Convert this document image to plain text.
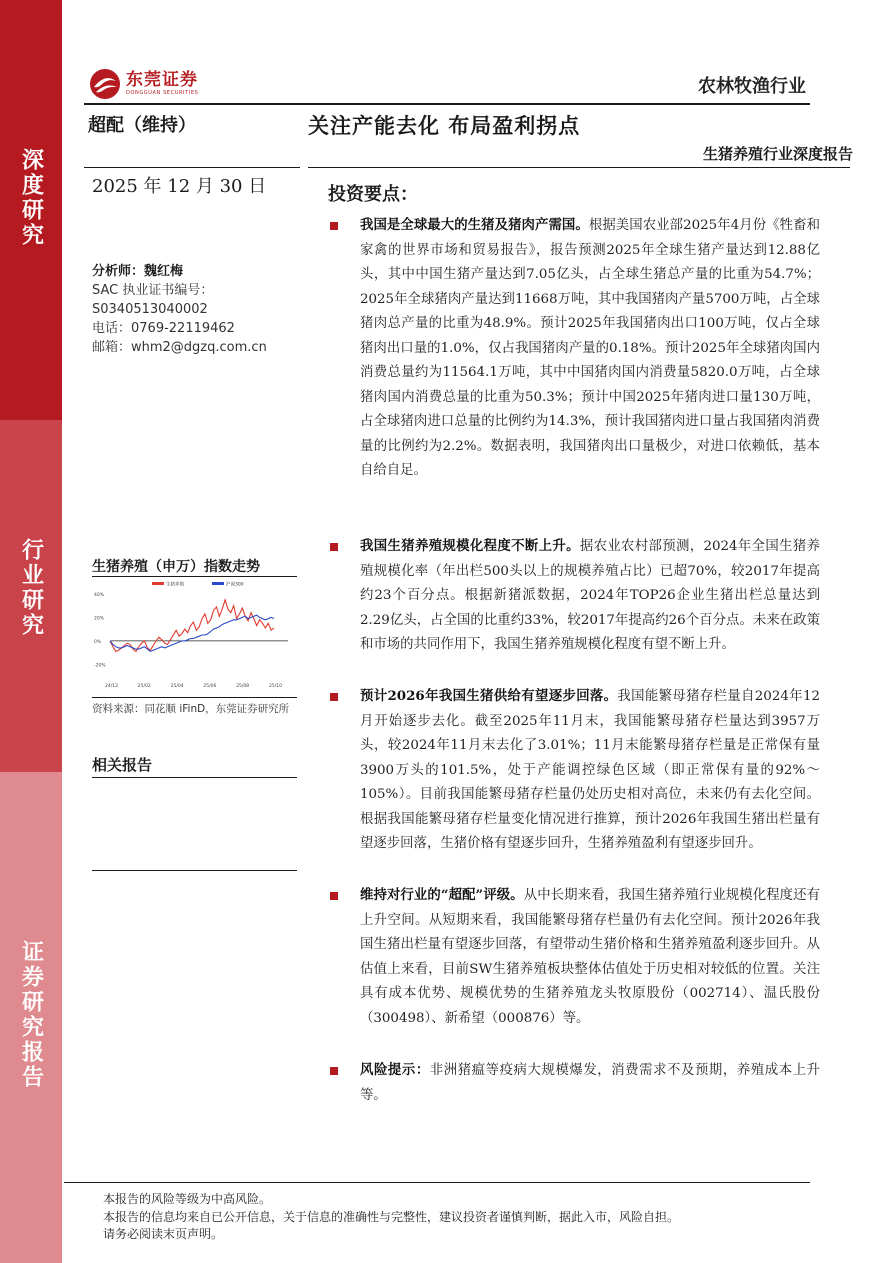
深度研究
行业研究
证券研究报告
东莞证券
DONGGUAN SECURITIES	农林牧渔行业
超配（维持）	关注产能去化 布局盈利拐点
生猪养殖行业深度报告
2025 年 12 月 30 日
分析师：魏红梅
SAC 执业证书编号：
S0340513040002
电话：0769-22119462
邮箱：whm2@dgzq.com.cn
生猪养殖（申万）指数走势
40%
20%
0%
-20%
24/12	25/02	25/04	25/06	25/08	25/10
生猪养殖	沪深300
资料来源：同花顺 iFinD，东莞证券研究所
相关报告
投资要点：

我国是全球最大的生猪及猪肉产需国。根据美国农业部2025年4月份《牲畜和家禽的世界市场和贸易报告》，报告预测2025年全球生猪产量达到12.88亿头，其中中国生猪产量达到7.05亿头，占全球生猪总产量的比重为54.7%；2025年全球猪肉产量达到11668万吨，其中我国猪肉产量5700万吨，占全球猪肉总产量的比重为48.9%。预计2025年我国猪肉出口100万吨，仅占全球猪肉出口量的1.0%，仅占我国猪肉产量的0.18%。预计2025年全球猪肉国内消费总量约为11564.1万吨，其中中国猪肉国内消费量5820.0万吨，占全球猪肉国内消费总量的比重为50.3%；预计中国2025年猪肉进口量130万吨，占全球猪肉进口总量的比例约为14.3%，预计我国猪肉进口量占我国猪肉消费量的比例约为2.2%。数据表明，我国猪肉出口量极少，对进口依赖低，基本自给自足。

我国生猪养殖规模化程度不断上升。据农业农村部预测，2024年全国生猪养殖规模化率（年出栏500头以上的规模养殖占比）已超70%，较2017年提高约23个百分点。根据新猪派数据，2024年TOP26企业生猪出栏总量达到2.29亿头，占全国的比重约33%，较2017年提高约26个百分点。未来在政策和市场的共同作用下，我国生猪养殖规模化程度有望不断上升。

预计2026年我国生猪供给有望逐步回落。我国能繁母猪存栏量自2024年12月开始逐步去化。截至2025年11月末，我国能繁母猪存栏量达到3957万头，较2024年11月末去化了3.01%；11月末能繁母猪存栏量是正常保有量3900万头的101.5%，处于产能调控绿色区域（即正常保有量的92%～105%）。目前我国能繁母猪存栏量仍处历史相对高位，未来仍有去化空间。根据我国能繁母猪存栏量变化情况进行推算，预计2026年我国生猪出栏量有望逐步回落，生猪价格有望逐步回升，生猪养殖盈利有望逐步回升。

维持对行业的“超配”评级。从中长期来看，我国生猪养殖行业规模化程度还有上升空间。从短期来看，我国能繁母猪存栏量仍有去化空间。预计2026年我国生猪出栏量有望逐步回落，有望带动生猪价格和生猪养殖盈利逐步回升。从估值上来看，目前SW生猪养殖板块整体估值处于历史相对较低的位置。关注具有成本优势、规模优势的生猪养殖龙头牧原股份（002714）、温氏股份（300498）、新希望（000876）等。

风险提示：非洲猪瘟等疫病大规模爆发，消费需求不及预期，养殖成本上升等。

本报告的风险等级为中高风险。
本报告的信息均来自已公开信息，关于信息的准确性与完整性，建议投资者谨慎判断，据此入市，风险自担。
请务必阅读末页声明。
